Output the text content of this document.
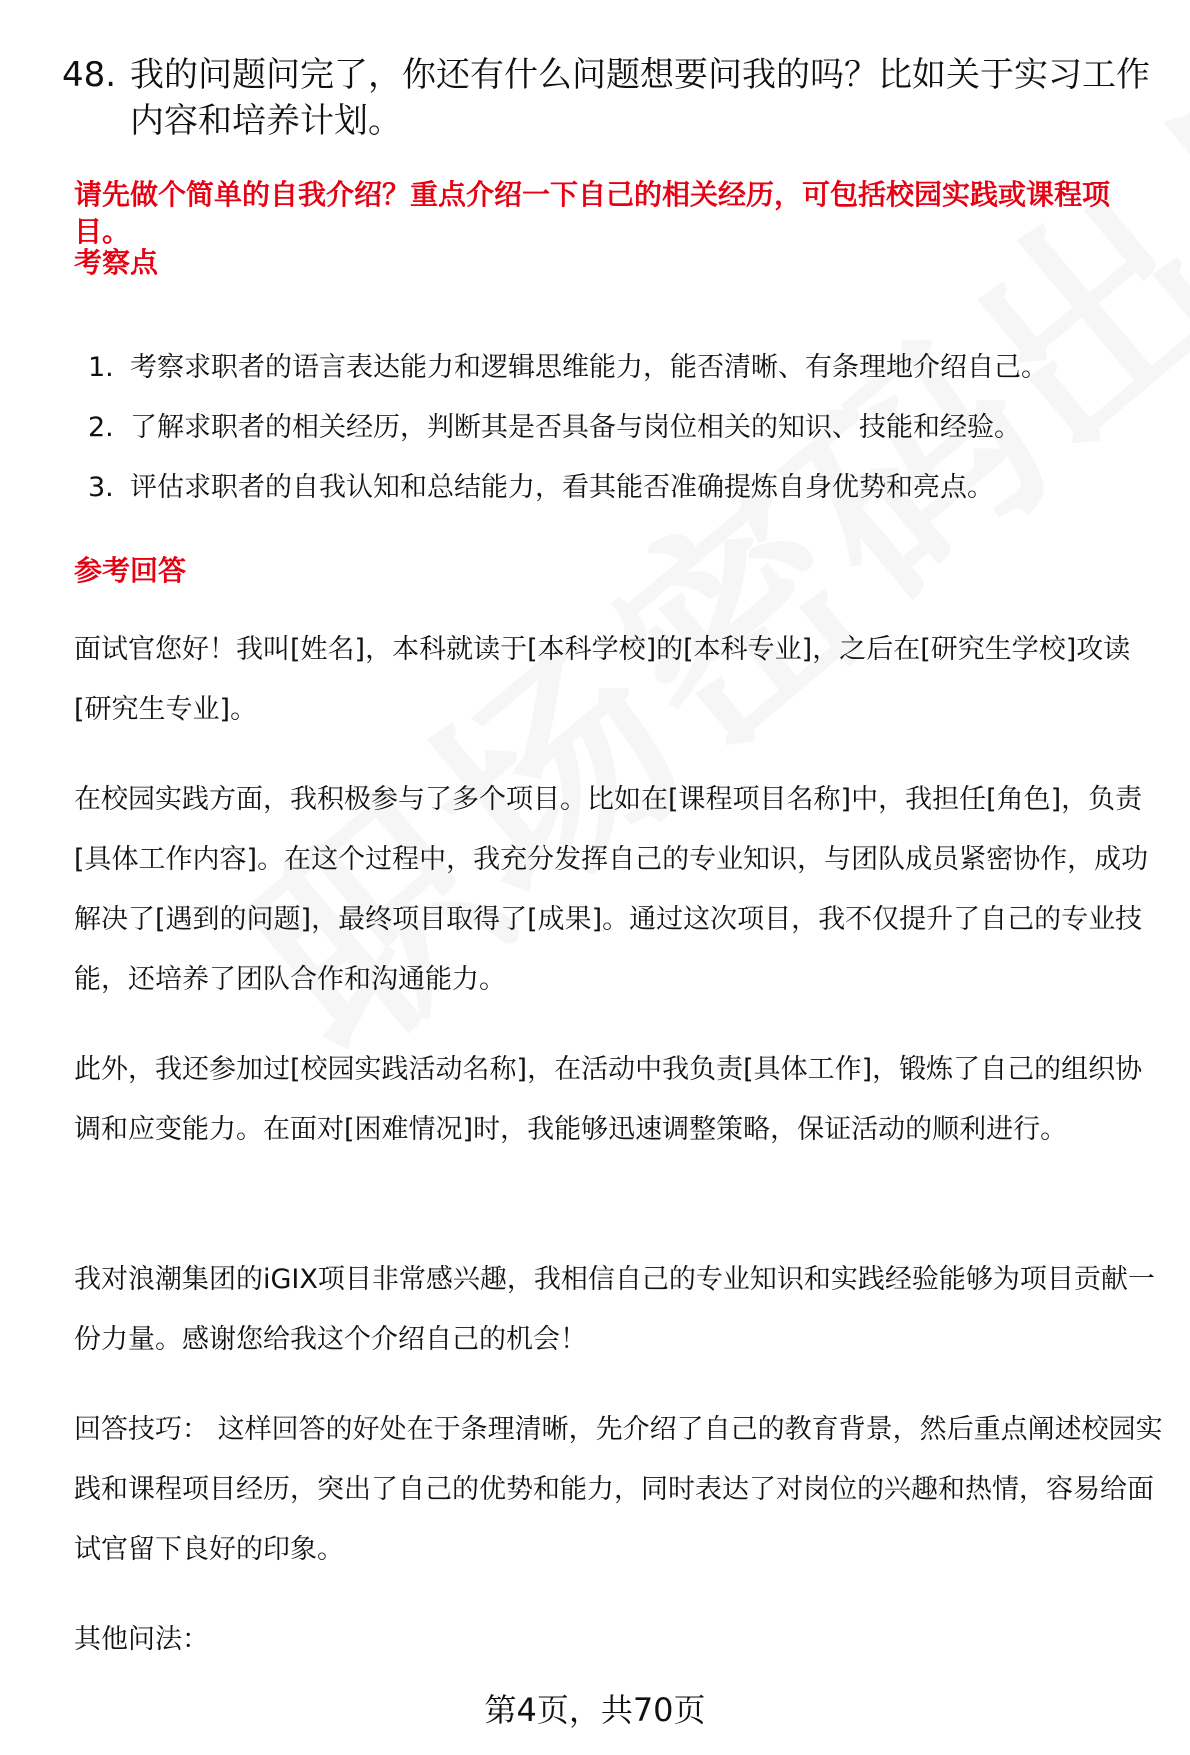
48. 我的问题问完了，你还有什么问题想要问我的吗？比如关于实习工作内容和培养计划。
请先做个简单的自我介绍？重点介绍一下自己的相关经历，可包括校园实践或课程项目。
考察点
1. 考察求职者的语言表达能力和逻辑思维能力，能否清晰、有条理地介绍自己。
2. 了解求职者的相关经历，判断其是否具备与岗位相关的知识、技能和经验。
3. 评估求职者的自我认知和总结能力，看其能否准确提炼自身优势和亮点。
参考回答

面试官您好！我叫[姓名]，本科就读于[本科学校]的[本科专业]，之后在[研究生学校]攻读[研究生专业]。

在校园实践方面，我积极参与了多个项目。比如在[课程项目名称]中，我担任[角色]，负责[具体工作内容]。在这个过程中，我充分发挥自己的专业知识，与团队成员紧密协作，成功解决了[遇到的问题]，最终项目取得了[成果]。通过这次项目，我不仅提升了自己的专业技能，还培养了团队合作和沟通能力。

此外，我还参加过[校园实践活动名称]，在活动中我负责[具体工作]，锻炼了自己的组织协调和应变能力。在面对[困难情况]时，我能够迅速调整策略，保证活动的顺利进行。

我对浪潮集团的iGIX项目非常感兴趣，我相信自己的专业知识和实践经验能够为项目贡献一份力量。感谢您给我这个介绍自己的机会！

回答技巧： 这样回答的好处在于条理清晰，先介绍了自己的教育背景，然后重点阐述校园实践和课程项目经历，突出了自己的优势和能力，同时表达了对岗位的兴趣和热情，容易给面试官留下良好的印象。

其他问法：

第4页，共70页
